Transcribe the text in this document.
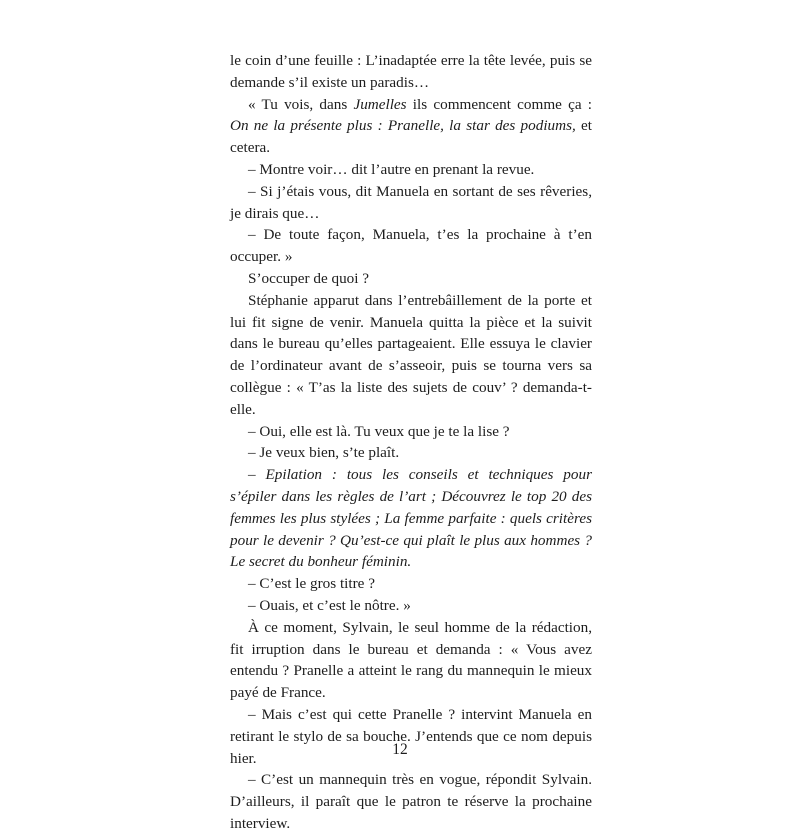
le coin d’une feuille : L’inadaptée erre la tête levée, puis se demande s’il existe un paradis…

« Tu vois, dans Jumelles ils commencent comme ça : On ne la présente plus : Pranelle, la star des podiums, et cetera.

– Montre voir… dit l’autre en prenant la revue.

– Si j’étais vous, dit Manuela en sortant de ses rêveries, je dirais que…

– De toute façon, Manuela, t’es la prochaine à t’en occuper. »

S’occuper de quoi ?

Stéphanie apparut dans l’entrebâillement de la porte et lui fit signe de venir. Manuela quitta la pièce et la suivit dans le bureau qu’elles partageaient. Elle essuya le clavier de l’ordinateur avant de s’asseoir, puis se tourna vers sa collègue : « T’as la liste des sujets de couv’ ? demanda-t-elle.

– Oui, elle est là. Tu veux que je te la lise ?

– Je veux bien, s’te plaît.

– Epilation : tous les conseils et techniques pour s’épiler dans les règles de l’art ; Découvrez le top 20 des femmes les plus stylées ; La femme parfaite : quels critères pour le devenir ? Qu’est-ce qui plaît le plus aux hommes ? Le secret du bonheur féminin.

– C’est le gros titre ?

– Ouais, et c’est le nôtre. »

À ce moment, Sylvain, le seul homme de la rédaction, fit irruption dans le bureau et demanda : « Vous avez entendu ? Pranelle a atteint le rang du mannequin le mieux payé de France.

– Mais c’est qui cette Pranelle ? intervint Manuela en retirant le stylo de sa bouche. J’entends que ce nom depuis hier.

– C’est un mannequin très en vogue, répondit Sylvain. D’ailleurs, il paraît que le patron te réserve la prochaine interview.

12
